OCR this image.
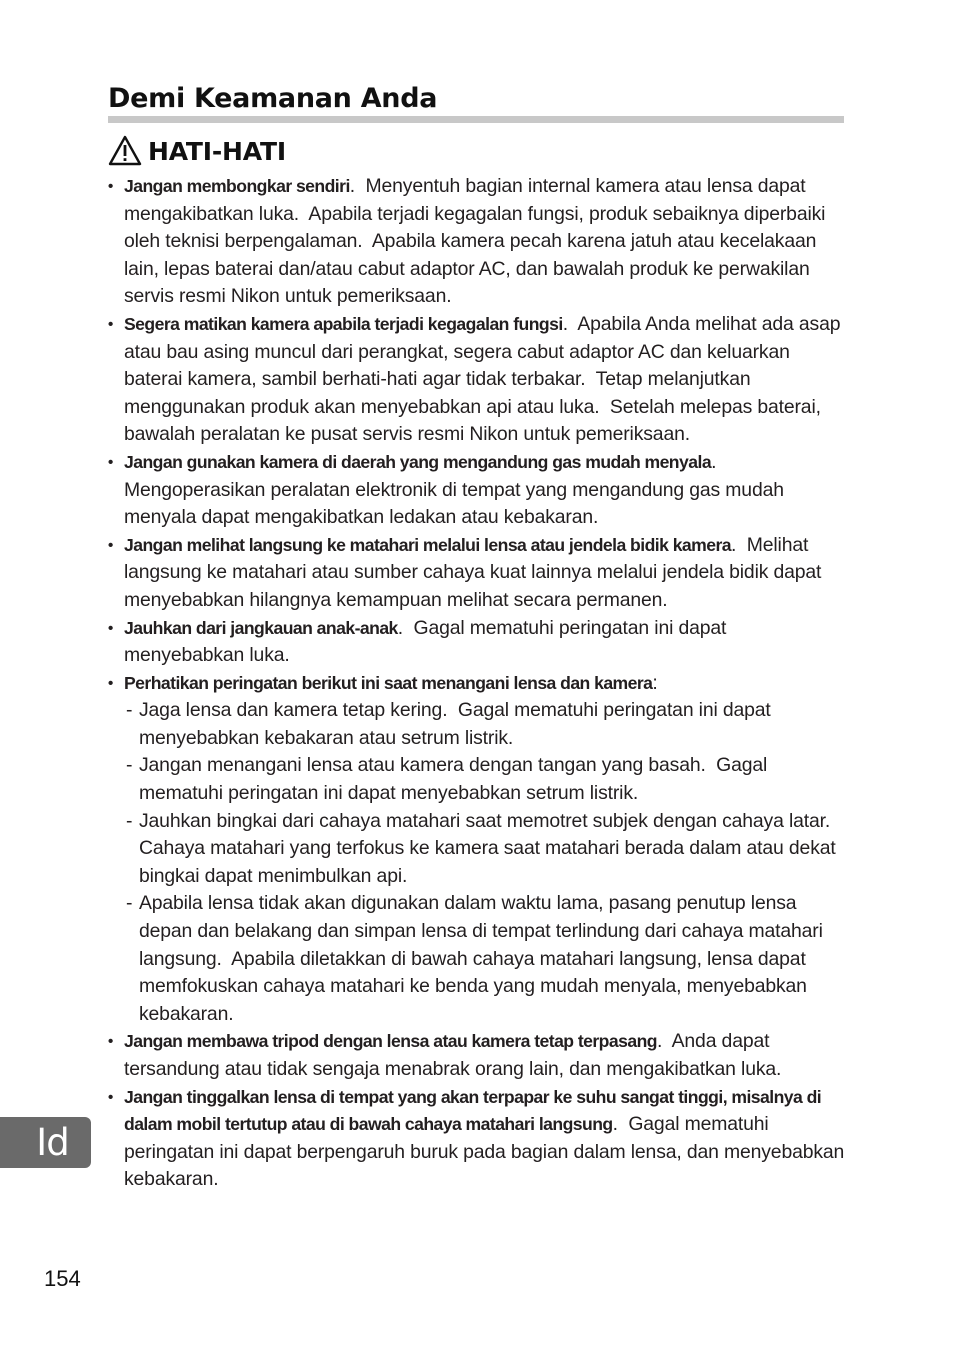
Demi Keamanan Anda
HATI-HATI
• Jangan membongkar sendiri.  Menyentuh bagian internal kamera atau lensa dapat mengakibatkan luka.  Apabila terjadi kegagalan fungsi, produk sebaiknya diperbaiki oleh teknisi berpengalaman.  Apabila kamera pecah karena jatuh atau kecelakaan lain, lepas baterai dan/atau cabut adaptor AC, dan bawalah produk ke perwakilan servis resmi Nikon untuk pemeriksaan.
• Segera matikan kamera apabila terjadi kegagalan fungsi.  Apabila Anda melihat ada asap atau bau asing muncul dari perangkat, segera cabut adaptor AC dan keluarkan baterai kamera, sambil berhati-hati agar tidak terbakar.  Tetap melanjutkan menggunakan produk akan menyebabkan api atau luka.  Setelah melepas baterai, bawalah peralatan ke pusat servis resmi Nikon untuk pemeriksaan.
• Jangan gunakan kamera di daerah yang mengandung gas mudah menyala.  Mengoperasikan peralatan elektronik di tempat yang mengandung gas mudah menyala dapat mengakibatkan ledakan atau kebakaran.
• Jangan melihat langsung ke matahari melalui lensa atau jendela bidik kamera.  Melihat langsung ke matahari atau sumber cahaya kuat lainnya melalui jendela bidik dapat menyebabkan hilangnya kemampuan melihat secara permanen.
• Jauhkan dari jangkauan anak-anak.  Gagal mematuhi peringatan ini dapat menyebabkan luka.
• Perhatikan peringatan berikut ini saat menangani lensa dan kamera:
- Jaga lensa dan kamera tetap kering.  Gagal mematuhi peringatan ini dapat menyebabkan kebakaran atau setrum listrik.
- Jangan menangani lensa atau kamera dengan tangan yang basah.  Gagal mematuhi peringatan ini dapat menyebabkan setrum listrik.
- Jauhkan bingkai dari cahaya matahari saat memotret subjek dengan cahaya latar.  Cahaya matahari yang terfokus ke kamera saat matahari berada dalam atau dekat bingkai dapat menimbulkan api.
- Apabila lensa tidak akan digunakan dalam waktu lama, pasang penutup lensa depan dan belakang dan simpan lensa di tempat terlindung dari cahaya matahari langsung.  Apabila diletakkan di bawah cahaya matahari langsung, lensa dapat memfokuskan cahaya matahari ke benda yang mudah menyala, menyebabkan kebakaran.
• Jangan membawa tripod dengan lensa atau kamera tetap terpasang.  Anda dapat tersandung atau tidak sengaja menabrak orang lain, dan mengakibatkan luka.
• Jangan tinggalkan lensa di tempat yang akan terpapar ke suhu sangat tinggi, misalnya di dalam mobil tertutup atau di bawah cahaya matahari langsung.  Gagal mematuhi peringatan ini dapat berpengaruh buruk pada bagian dalam lensa, dan menyebabkan kebakaran.
Id
154
